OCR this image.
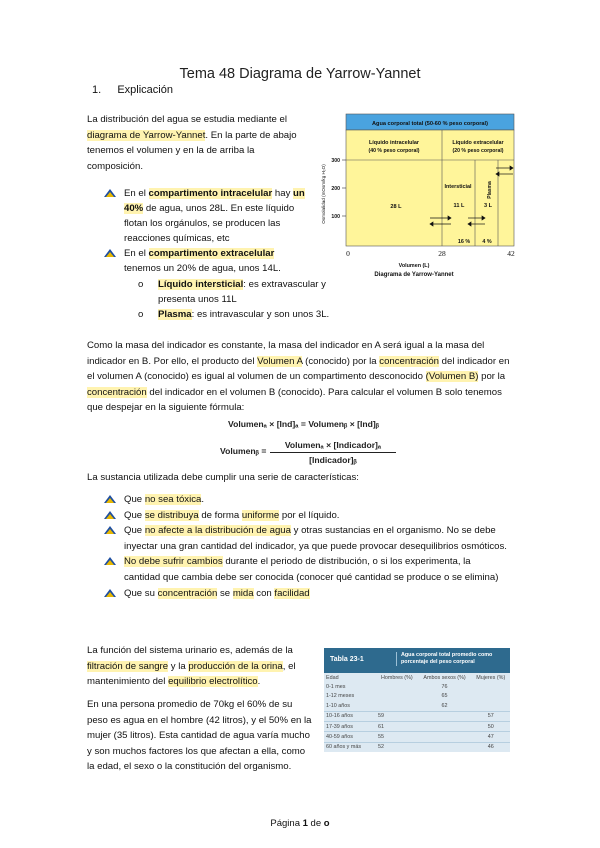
Tema 48 Diagrama de Yarrow-Yannet
1. Explicación
La distribución del agua se estudia mediante el diagrama de Yarrow-Yannet. En la parte de abajo tenemos el volumen y en la de arriba la composición.
En el compartimento intracelular hay un 40% de agua, unos 28L. En este líquido flotan los orgánulos, se producen las reacciones químicas, etc
En el compartimento extracelular tenemos un 20% de agua, unos 14L.
o Líquido intersticial: es extravascular y presenta unos 11L
o Plasma: es intravascular y son unos 3L.
Agua corporal total (50-60 % peso corporal)
Líquido intracelular
(40 % peso corporal)
Líquido extracelular
(20 % peso corporal)
28 L
Intersticial
11 L
16 %
3 L
4 %
Plasma
300
200
100
Osmolalidad (mOsm/kg H₂O)
0	28	42
Volumen (L)
Diagrama de Yarrow-Yannet
Como la masa del indicador es constante, la masa del indicador en A será igual a la masa del indicador en B. Por ello, el producto del Volumen A (conocido) por la concentración del indicador en el volumen A (conocido) es igual al volumen de un compartimento desconocido (Volumen B) por la concentración del indicador en el volumen B (conocido). Para calcular el volumen B solo tenemos que despejar en la siguiente fórmula:
Volumenₐ × [Ind]ₐ = Volumenᵦ × [Ind]ᵦ
Volumenᵦ =
Volumenₐ × [Indicador]ₐ
[Indicador]ᵦ
La sustancia utilizada debe cumplir una serie de características:
Que no sea tóxica.
Que se distribuya de forma uniforme por el líquido.
Que no afecte a la distribución de agua y otras sustancias en el organismo. No se debe inyectar una gran cantidad del indicador, ya que puede provocar desequilibrios osmóticos.
No debe sufrir cambios durante el periodo de distribución, o si los experimenta, la cantidad que cambia debe ser conocida (conocer qué cantidad se produce o se elimina)
Que su concentración se mida con facilidad
La función del sistema urinario es, además de la filtración de sangre y la producción de la orina, el mantenimiento del equilibrio electrolítico.
En una persona promedio de 70kg el 60% de su peso es agua en el hombre (42 litros), y el 50% en la mujer (35 litros). Esta cantidad de agua varía mucho y son muchos factores los que afectan a ella, como la edad, el sexo o la constitución del organismo.
Tabla 23-1
Agua corporal total promedio como porcentaje del peso corporal
Edad	Hombres (%)	Ambos sexos (%)	Mujeres (%)
0-1 mes		76	
1-12 meses		65	
1-10 años		62	
10-16 años	59		57
17-39 años	61		50
40-59 años	55		47
60 años y más	52		46
Página 1 de o
